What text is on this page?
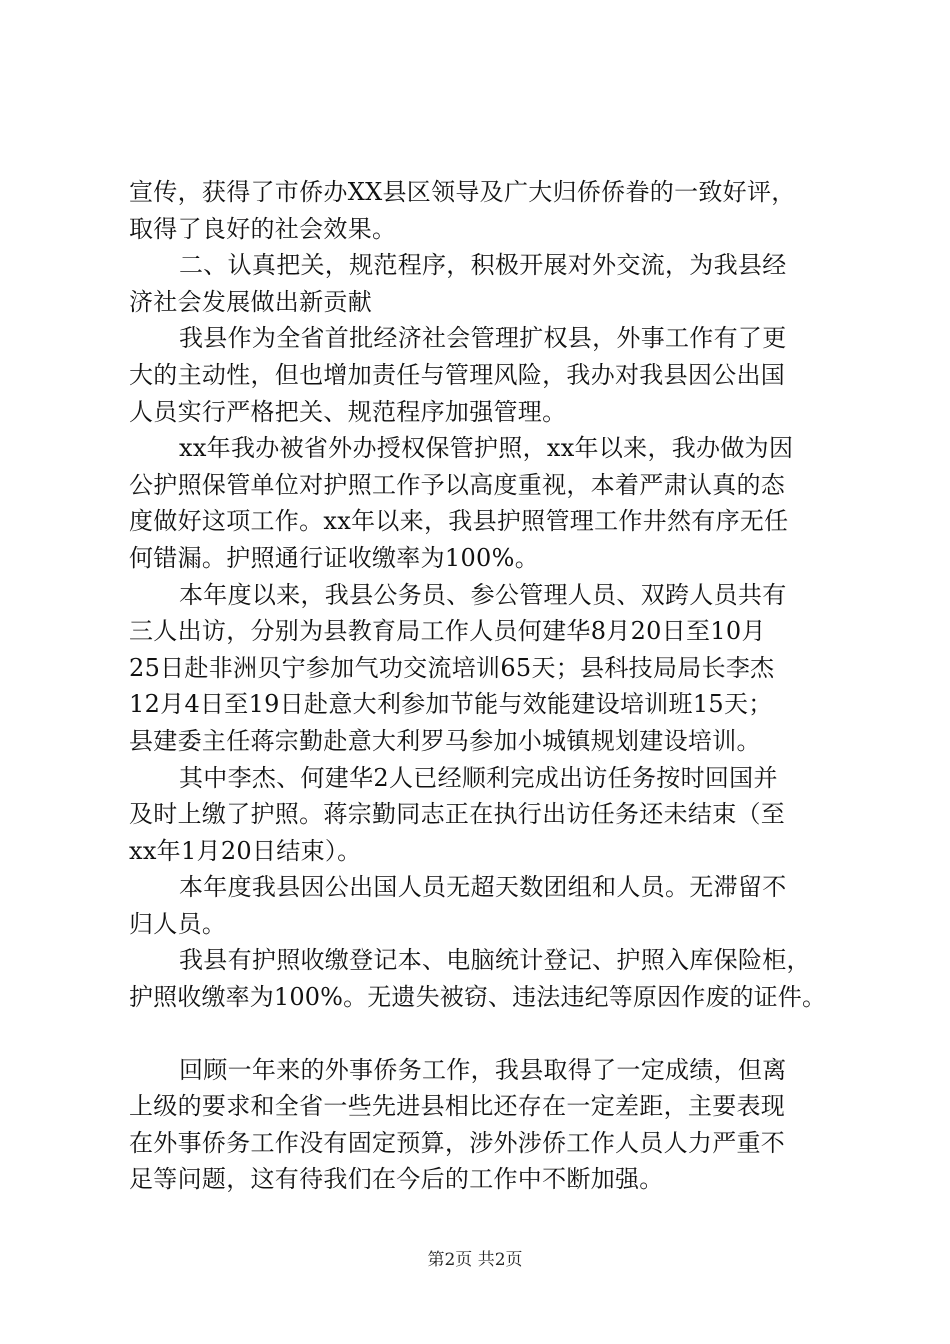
宣传，获得了市侨办XX县区领导及广大归侨侨眷的一致好评，
取得了良好的社会效果。

二、认真把关，规范程序，积极开展对外交流，为我县经
济社会发展做出新贡献

我县作为全省首批经济社会管理扩权县，外事工作有了更
大的主动性，但也增加责任与管理风险，我办对我县因公出国
人员实行严格把关、规范程序加强管理。

xx年我办被省外办授权保管护照，xx年以来，我办做为因
公护照保管单位对护照工作予以高度重视，本着严肃认真的态
度做好这项工作。xx年以来，我县护照管理工作井然有序无任
何错漏。护照通行证收缴率为100%。

本年度以来，我县公务员、参公管理人员、双跨人员共有
三人出访，分别为县教育局工作人员何建华8月20日至10月
25日赴非洲贝宁参加气功交流培训65天；县科技局局长李杰
12月4日至19日赴意大利参加节能与效能建设培训班15天；
县建委主任蒋宗勤赴意大利罗马参加小城镇规划建设培训。

其中李杰、何建华2人已经顺利完成出访任务按时回国并
及时上缴了护照。蒋宗勤同志正在执行出访任务还未结束（至
xx年1月20日结束）。

本年度我县因公出国人员无超天数团组和人员。无滞留不
归人员。

我县有护照收缴登记本、电脑统计登记、护照入库保险柜，
护照收缴率为100%。无遗失被窃、违法违纪等原因作废的证件。

回顾一年来的外事侨务工作，我县取得了一定成绩，但离
上级的要求和全省一些先进县相比还存在一定差距，主要表现
在外事侨务工作没有固定预算，涉外涉侨工作人员人力严重不
足等问题，这有待我们在今后的工作中不断加强。

第2页 共2页
